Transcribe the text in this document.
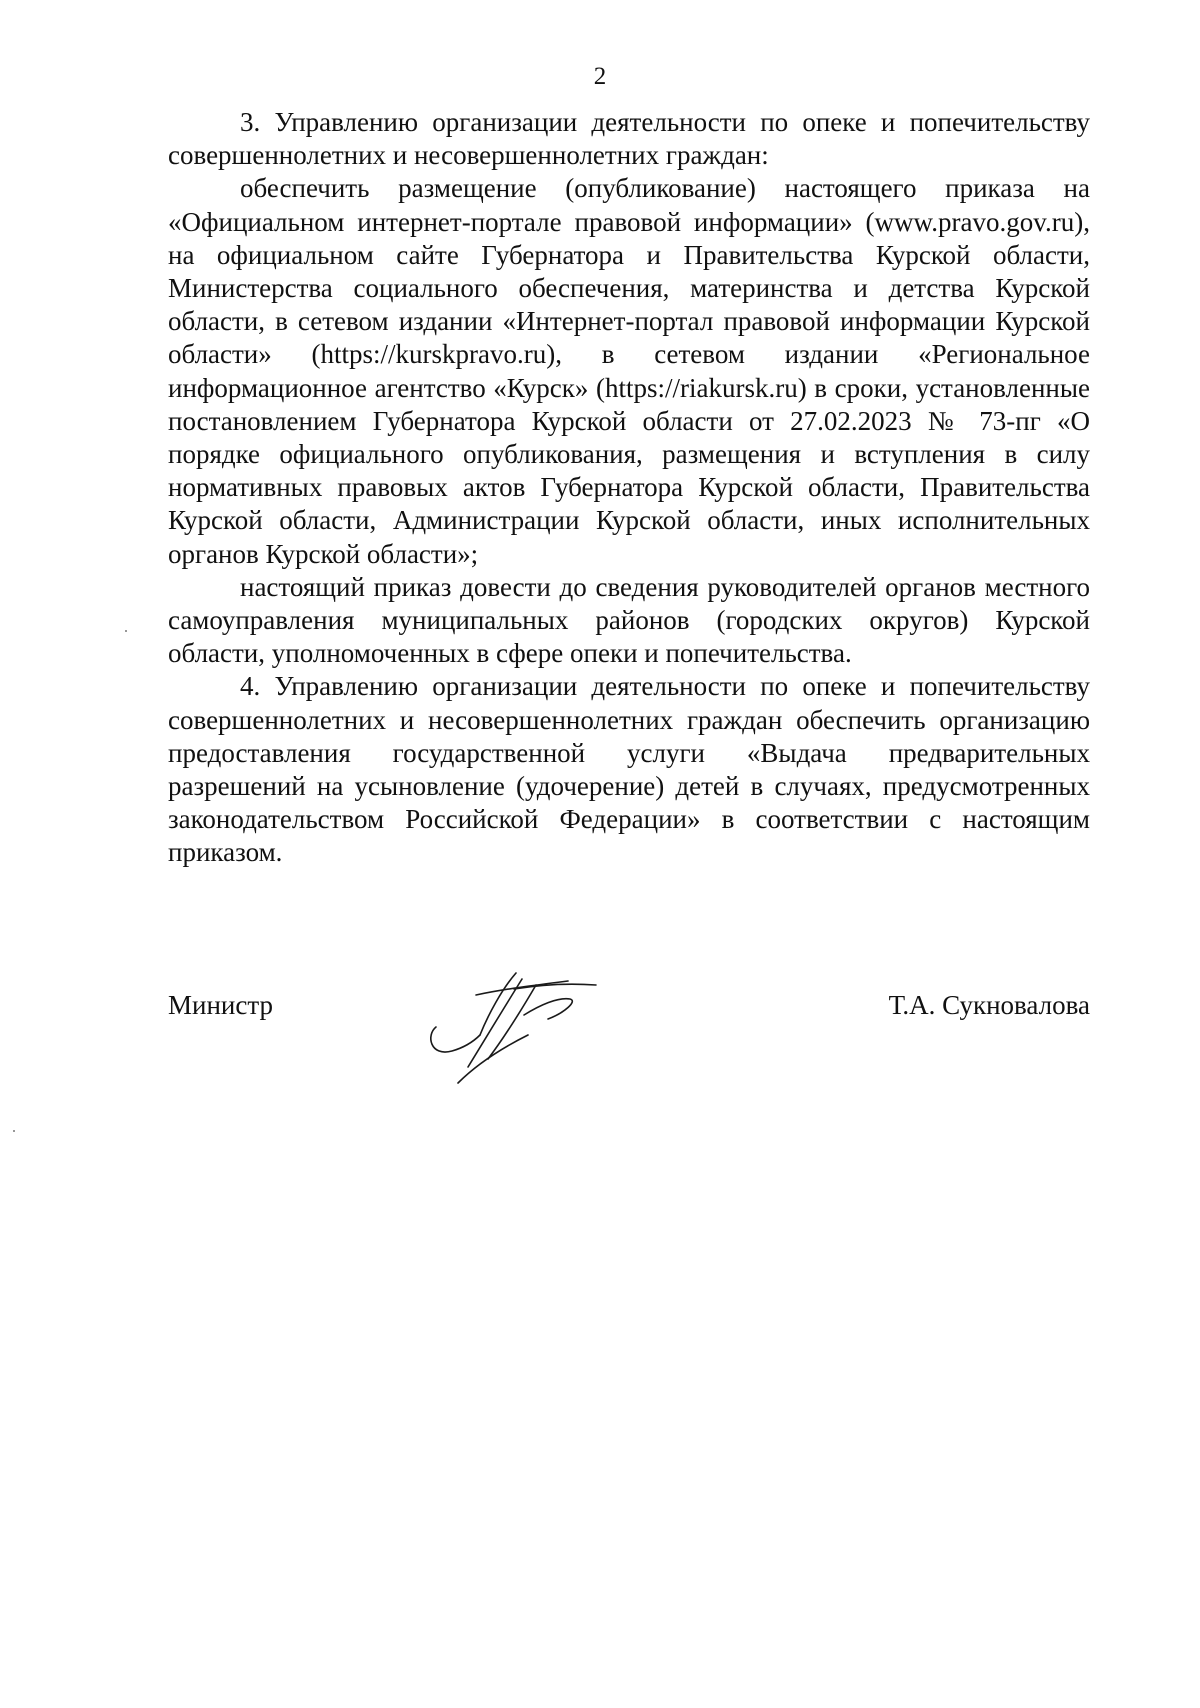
2

3. Управлению организации деятельности по опеке и попечительству совершеннолетних и несовершеннолетних граждан:

обеспечить размещение (опубликование) настоящего приказа на «Официальном интернет-портале правовой информации» (www.pravo.gov.ru), на официальном сайте Губернатора и Правительства Курской области, Министерства социального обеспечения, материнства и детства Курской области, в сетевом издании «Интернет-портал правовой информации Курской области» (https://kurskpravo.ru), в сетевом издании «Региональное информационное агентство «Курск» (https://riakursk.ru) в сроки, установленные постановлением Губернатора Курской области от 27.02.2023 № 73-пг «О порядке официального опубликования, размещения и вступления в силу нормативных правовых актов Губернатора Курской области, Правительства Курской области, Администрации Курской области, иных исполнительных органов Курской области»;

настоящий приказ довести до сведения руководителей органов местного самоуправления муниципальных районов (городских округов) Курской области, уполномоченных в сфере опеки и попечительства.

4. Управлению организации деятельности по опеке и попечительству совершеннолетних и несовершеннолетних граждан обеспечить организацию предоставления государственной услуги «Выдача предварительных разрешений на усыновление (удочерение) детей в случаях, предусмотренных законодательством Российской Федерации» в соответствии с настоящим приказом.

Министр	Т.А. Сукновалова
